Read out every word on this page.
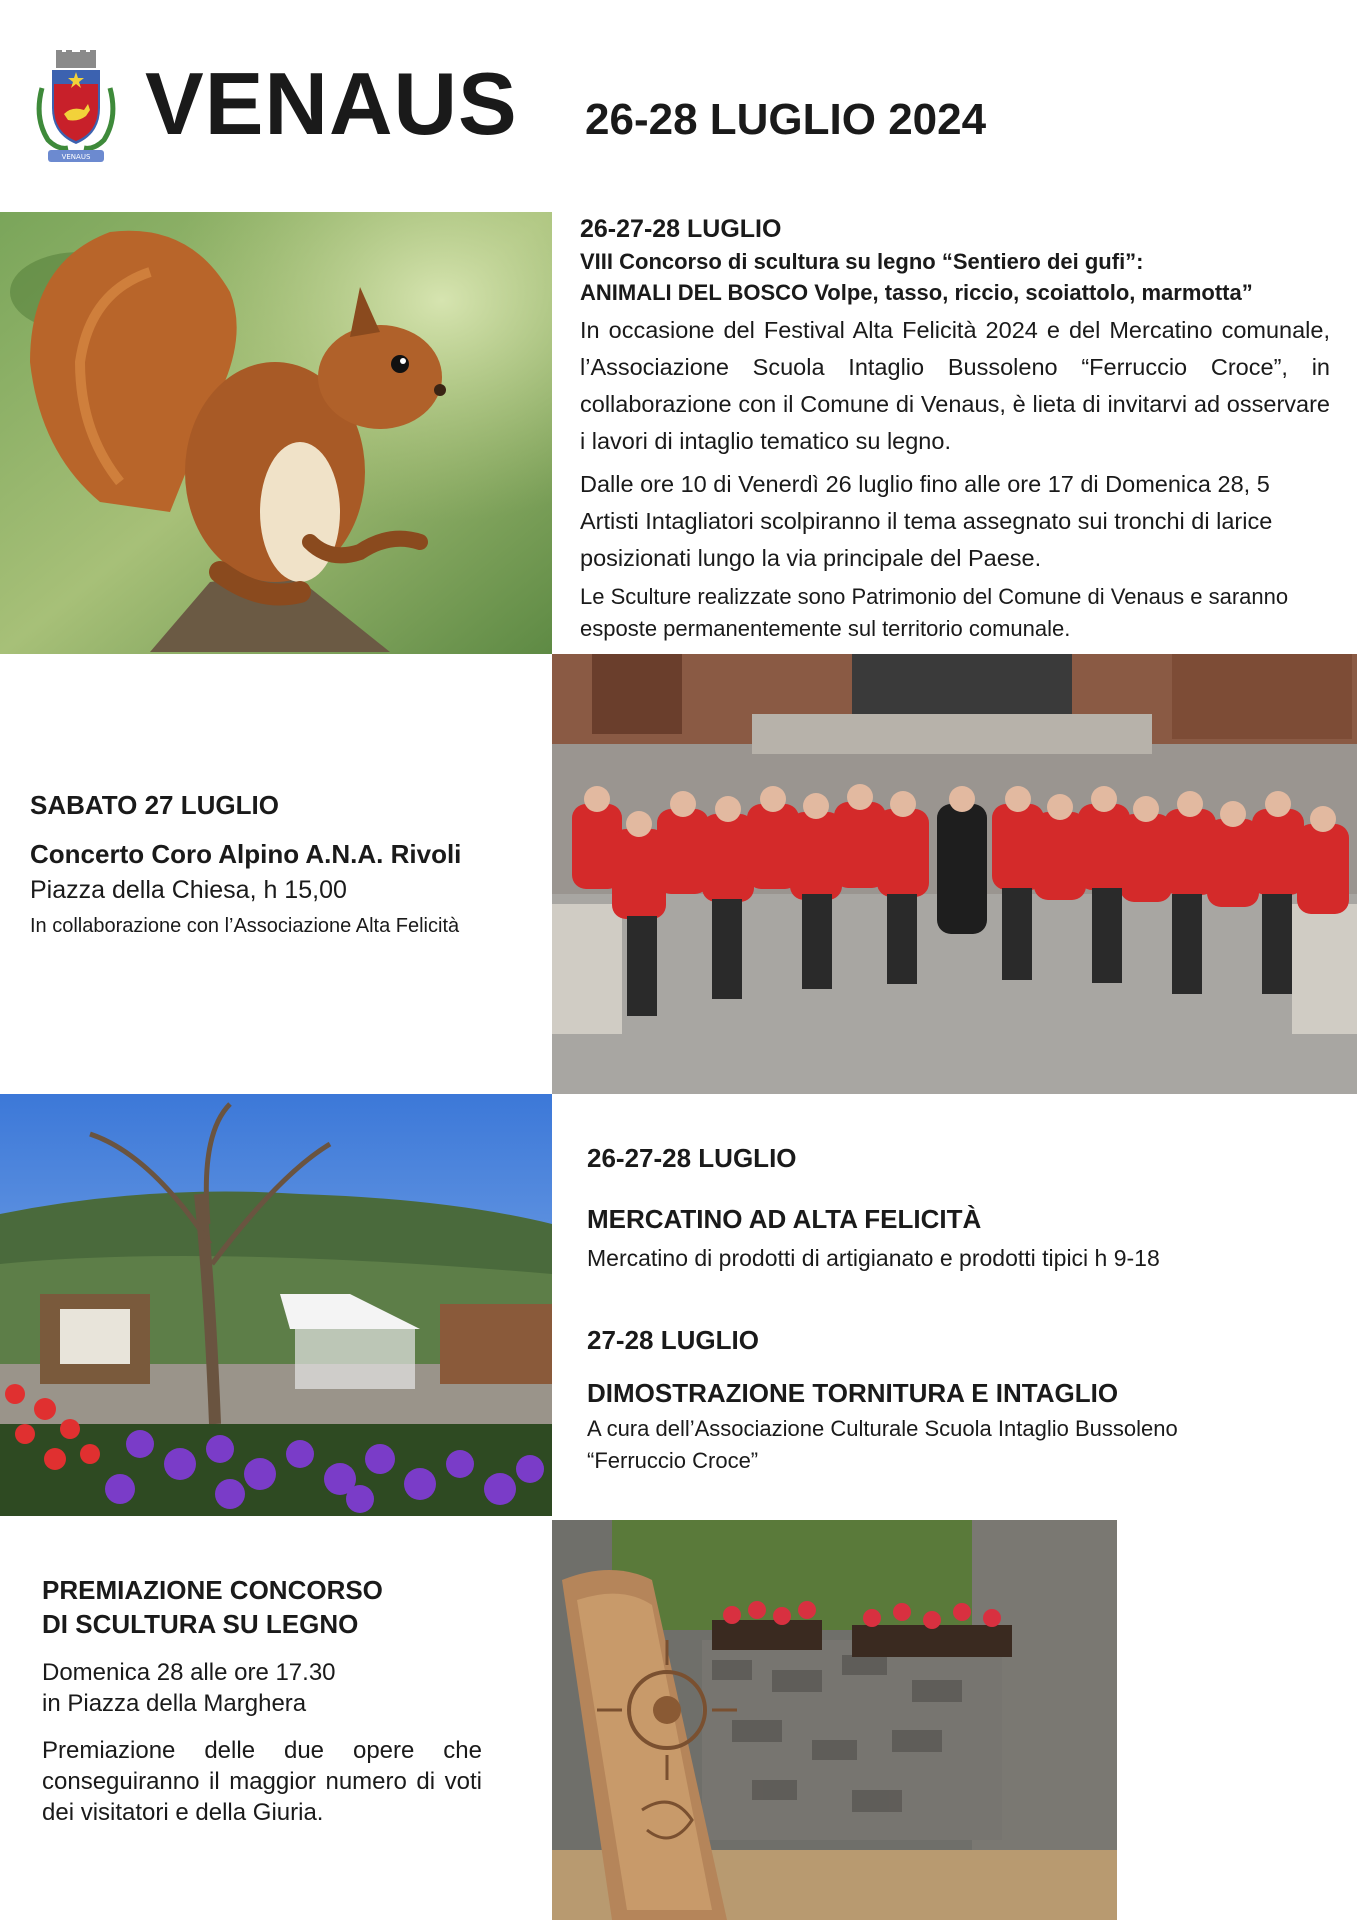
VENAUS
VENAUS 26-28 LUGLIO 2024
26-27-28 LUGLIO
VIII Concorso di scultura su legno “Sentiero dei gufi”:
ANIMALI DEL BOSCO Volpe, tasso, riccio, scoiattolo, marmotta”

In occasione del Festival Alta Felicità 2024 e del Mercatino comunale, l’Associazione Scuola Intaglio Bussoleno “Ferruccio Croce”, in collaborazione con il Comune di Venaus, è lieta di invitarvi ad osservare i lavori di intaglio tematico su legno.

Dalle ore 10 di Venerdì 26 luglio fino alle ore 17 di Domenica 28, 5 Artisti Intagliatori scolpiranno il tema assegnato sui tronchi di larice posizionati lungo la via principale del Paese.

Le Sculture realizzate sono Patrimonio del Comune di Venaus e saranno esposte permanentemente sul territorio comunale.

SABATO 27 LUGLIO
Concerto Coro Alpino A.N.A. Rivoli
Piazza della Chiesa, h 15,00
In collaborazione con l’Associazione Alta Felicità
26-27-28 LUGLIO
MERCATINO AD ALTA FELICITÀ
Mercatino di prodotti di artigianato e prodotti tipici h 9-18
27-28 LUGLIO
DIMOSTRAZIONE TORNITURA E INTAGLIO
A cura dell’Associazione Culturale Scuola Intaglio Bussoleno
“Ferruccio Croce”
PREMIAZIONE CONCORSO
DI SCULTURA SU LEGNO
Domenica 28 alle ore 17.30
in Piazza della Marghera
Premiazione delle due opere che conseguiranno il maggior numero di voti dei visitatori e della Giuria.
